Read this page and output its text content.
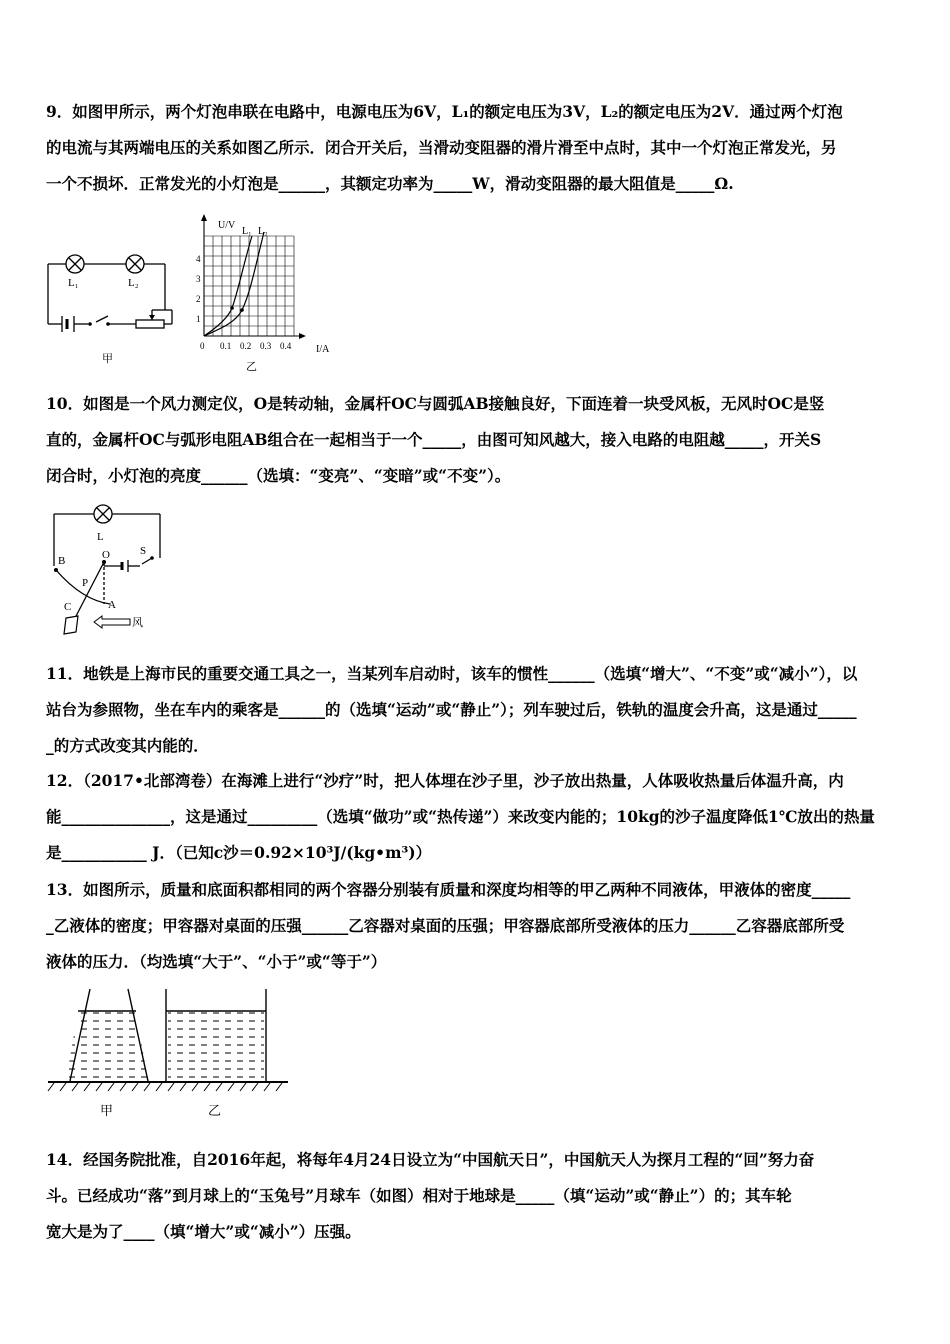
9．如图甲所示，两个灯泡串联在电路中，电源电压为6V，L₁的额定电压为3V，L₂的额定电压为2V．通过两个灯泡
的电流与其两端电压的关系如图乙所示．闭合开关后，当滑动变阻器的滑片滑至中点时，其中一个灯泡正常发光，另
一个不损坏．正常发光的小灯泡是______，其额定功率为_____W，滑动变阻器的最大阻值是_____Ω.
L₁	L₂
甲
U/V
L₁ L₂
1
2
3
4
0 0.1 0.2 0.3 0.4 I/A
乙
10．如图是一个风力测定仪，O是转动轴，金属杆OC与圆弧AB接触良好，下面连着一块受风板，无风时OC是竖
直的，金属杆OC与弧形电阻AB组合在一起相当于一个_____，由图可知风越大，接入电路的电阻越_____，开关S
闭合时，小灯泡的亮度______（选填：“变亮”、“变暗”或“不变”）。
L
S
O
B
P
C	A
风
11．地铁是上海市民的重要交通工具之一，当某列车启动时，该车的惯性______（选填“增大”、“不变”或“减小”），以
站台为参照物，坐在车内的乘客是______的（选填“运动”或“静止”）；列车驶过后，铁轨的温度会升高，这是通过_____
_的方式改变其内能的．
12．（2017•北部湾卷）在海滩上进行“沙疗”时，把人体埋在沙子里，沙子放出热量，人体吸收热量后体温升高，内
能______________，这是通过_________（选填“做功”或“热传递”）来改变内能的；10kg的沙子温度降低1℃放出的热量
是___________ J．（已知c沙＝0.92×10³J/(kg•m³)）
13．如图所示，质量和底面积都相同的两个容器分别装有质量和深度均相等的甲乙两种不同液体，甲液体的密度_____
_乙液体的密度；甲容器对桌面的压强______乙容器对桌面的压强；甲容器底部所受液体的压力______乙容器底部所受
液体的压力．（均选填“大于”、“小于”或“等于”）
甲	乙
14．经国务院批准，自2016年起，将每年4月24日设立为“中国航天日”，中国航天人为探月工程的“回”努力奋
斗。已经成功“落”到月球上的“玉兔号”月球车（如图）相对于地球是_____（填“运动”或“静止”）的；其车轮
宽大是为了____（填“增大”或“减小”）压强。
